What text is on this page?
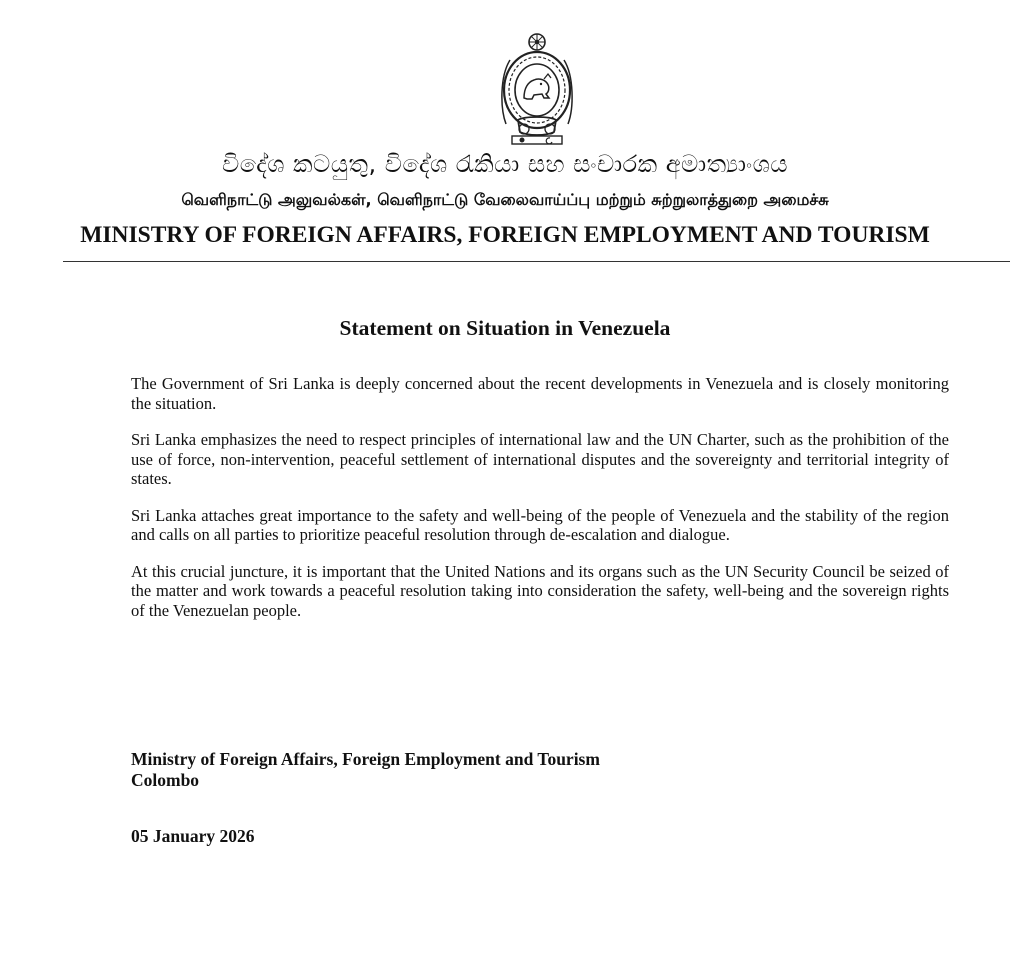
විදේශ කටයුතු, විදේශ රැකියා සහ සංචාරක අමාත්‍යාංශය
வெளிநாட்டு அலுவல்கள், வெளிநாட்டு வேலைவாய்ப்பு மற்றும் சுற்றுலாத்துறை அமைச்சு
MINISTRY OF FOREIGN AFFAIRS, FOREIGN EMPLOYMENT AND TOURISM
Statement on Situation in Venezuela

The Government of Sri Lanka is deeply concerned about the recent developments in Venezuela and is closely monitoring the situation.

Sri Lanka emphasizes the need to respect principles of international law and the UN Charter, such as the prohibition of the use of force, non-intervention, peaceful settlement of international disputes and the sovereignty and territorial integrity of states.

Sri Lanka attaches great importance to the safety and well-being of the people of Venezuela and the stability of the region and calls on all parties to prioritize peaceful resolution through de-escalation and dialogue.

At this crucial juncture, it is important that the United Nations and its organs such as the UN Security Council be seized of the matter and work towards a peaceful resolution taking into consideration the safety, well-being and the sovereign rights of the Venezuelan people.

Ministry of Foreign Affairs, Foreign Employment and Tourism
Colombo
05 January 2026
